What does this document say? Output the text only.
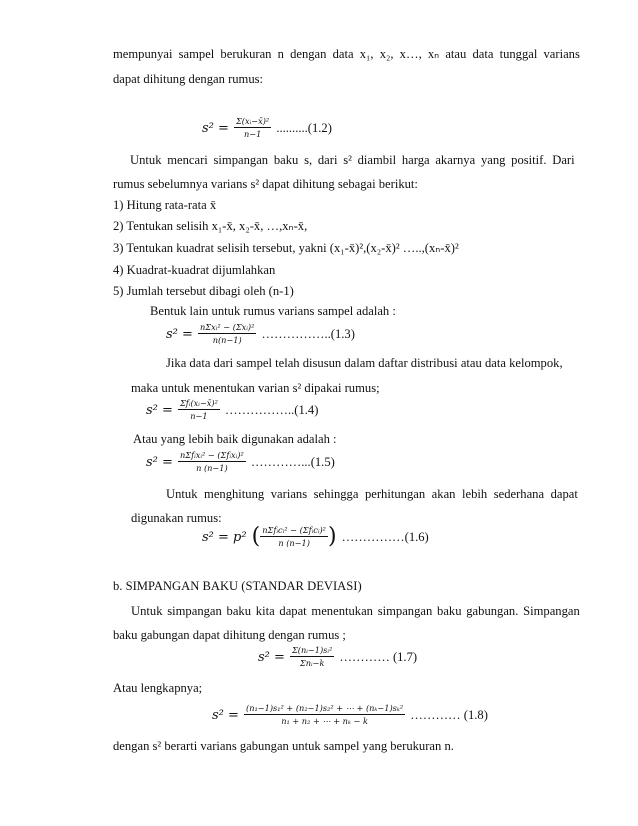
mempunyai sampel berukuran n dengan data x₁, x₂, x…, xₙ atau data tunggal varians
dapat dihitung dengan rumus:
$s^2 = \frac{\text{Σ(xᵢ−x̄)²}}{n-1} ..........(1.2)$
Untuk mencari simpangan baku s, dari s² diambil harga akarnya yang positif. Dari
rumus sebelumnya varians s² dapat dihitung sebagai berikut:
1) Hitung rata-rata x̄
2) Tentukan selisih x₁-x̄, x₂-x̄, …,xₙ-x̄,
3) Tentukan kuadrat selisih tersebut, yakni (x₁-x̄)²,(x₂-x̄)² …..,(xₙ-x̄)²
4) Kuadrat-kuadrat dijumlahkan
5) Jumlah tersebut dibagi oleh (n-1)
Bentuk lain untuk rumus varians sampel adalah :
$s^2 = \frac{\text{nΣxᵢ² − (Σxᵢ)²}}{n(n-1)}$ ……………..(1.3)
Jika data dari sampel telah disusun dalam daftar distribusi atau data kelompok,
maka untuk menentukan varian s² dipakai rumus;
$s^2 = \frac{\text{Σfᵢ(xᵢ−x̄)²}}{n-1}$ ……………..(1.4)
Atau yang lebih baik digunakan adalah :
$s^2 = \frac{\text{nΣfᵢxᵢ² − (Σfᵢxᵢ)²}}{n (n-1)}$ …………...(1.5)
Untuk menghitung varians sehingga perhitungan akan lebih sederhana dapat
digunakan rumus:
s² = p² ( $\frac{\text{nΣfᵢcᵢ² − (Σfᵢcᵢ)²}}{n (n-1)}$ ) ……………(1.6)
b. SIMPANGAN BAKU (STANDAR DEVIASI)
Untuk simpangan baku kita dapat menentukan simpangan baku gabungan. Simpangan
baku gabungan dapat dihitung dengan rumus ;
$s^2 = \frac{\text{Σ(nᵢ−1)sᵢ²}}{\text{Σnᵢ−k}}$ ………… (1.7)
Atau lengkapnya;
$s^2 = \frac{\text{(n₁−1)s₁² + (n₂−1)s₂² + ⋯ + (nₖ−1)sₖ²}}{\text{n₁ + n₂ + ⋯ + nₖ − k}}$ ………… (1.8)
dengan s² berarti varians gabungan untuk sampel yang berukuran n.
